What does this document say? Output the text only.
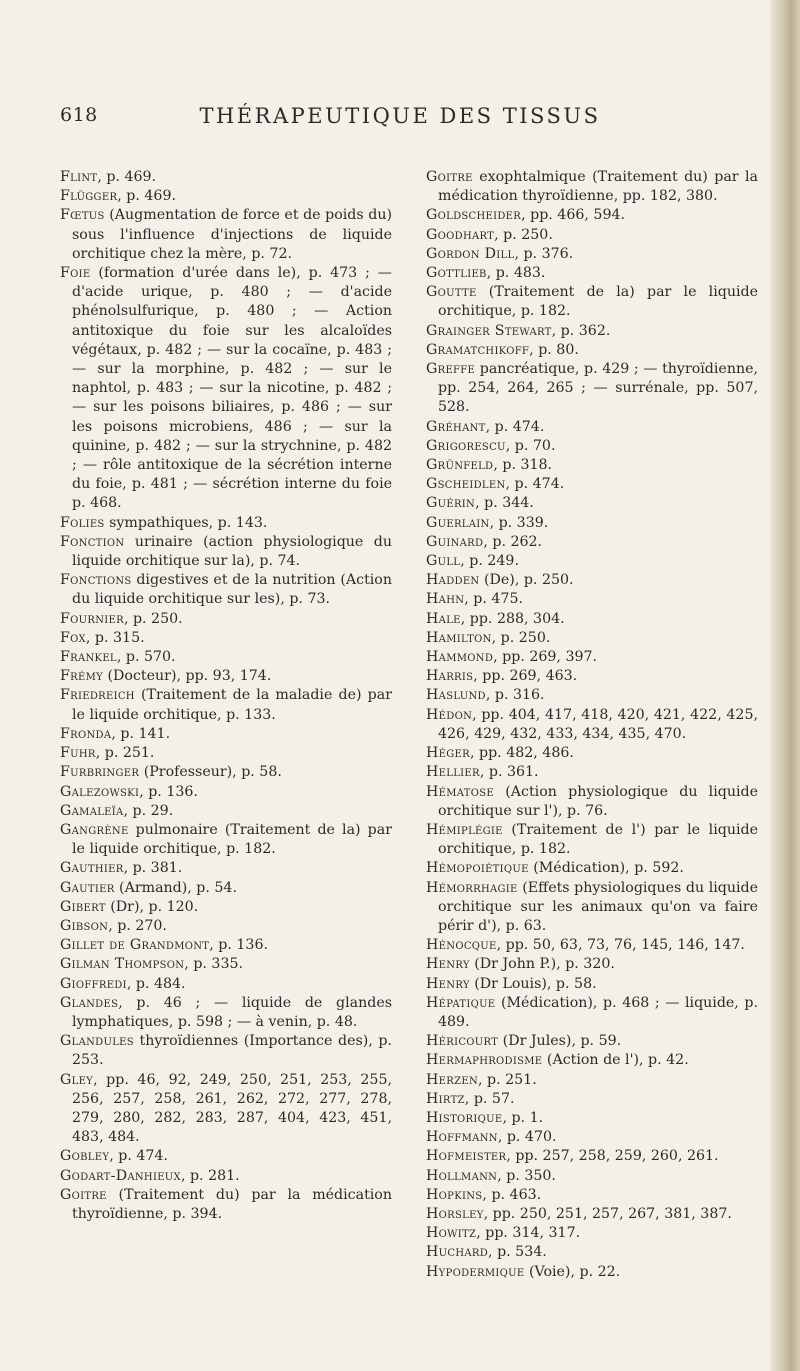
618	THÉRAPEUTIQUE DES TISSUS

Flint, p. 469.

Flügger, p. 469.

Fœtus (Augmentation de force et de poids du) sous l'influence d'injections de liquide orchitique chez la mère, p. 72.

Foie (formation d'urée dans le), p. 473 ; — d'acide urique, p. 480 ; — d'acide phénolsulfurique, p. 480 ; — Action antitoxique du foie sur les alcaloïdes végétaux, p. 482 ; — sur la cocaïne, p. 483 ; — sur la morphine, p. 482 ; — sur le naphtol, p. 483 ; — sur la nicotine, p. 482 ; — sur les poisons biliaires, p. 486 ; — sur les poisons microbiens, 486 ; — sur la quinine, p. 482 ; — sur la strychnine, p. 482 ; — rôle antitoxique de la sécrétion interne du foie, p. 481 ; — sécrétion interne du foie p. 468.

Folies sympathiques, p. 143.

Fonction urinaire (action physiologique du liquide orchitique sur la), p. 74.

Fonctions digestives et de la nutrition (Action du liquide orchitique sur les), p. 73.

Fournier, p. 250.

Fox, p. 315.

Frankel, p. 570.

Frémy (Docteur), pp. 93, 174.

Friedreich (Traitement de la maladie de) par le liquide orchitique, p. 133.

Fronda, p. 141.

Fuhr, p. 251.

Furbringer (Professeur), p. 58.

Galezowski, p. 136.

Gamaleïa, p. 29.

Gangrène pulmonaire (Traitement de la) par le liquide orchitique, p. 182.

Gauthier, p. 381.

Gautier (Armand), p. 54.

Gibert (Dr), p. 120.

Gibson, p. 270.

Gillet de Grandmont, p. 136.

Gilman Thompson, p. 335.

Gioffredi, p. 484.

Glandes, p. 46 ; — liquide de glandes lymphatiques, p. 598 ; — à venin, p. 48.

Glandules thyroïdiennes (Importance des), p. 253.

Gley, pp. 46, 92, 249, 250, 251, 253, 255, 256, 257, 258, 261, 262, 272, 277, 278, 279, 280, 282, 283, 287, 404, 423, 451, 483, 484.

Gobley, p. 474.

Godart-Danhieux, p. 281.

Goitre (Traitement du) par la médication thyroïdienne, p. 394.

Goitre exophtalmique (Traitement du) par la médication thyroïdienne, pp. 182, 380.

Goldscheider, pp. 466, 594.

Goodhart, p. 250.

Gordon Dill, p. 376.

Gottlieb, p. 483.

Goutte (Traitement de la) par le liquide orchitique, p. 182.

Grainger Stewart, p. 362.

Gramatchikoff, p. 80.

Greffe pancréatique, p. 429 ; — thyroïdienne, pp. 254, 264, 265 ; — surrénale, pp. 507, 528.

Gréhant, p. 474.

Grigorescu, p. 70.

Grünfeld, p. 318.

Gscheidlen, p. 474.

Guérin, p. 344.

Guerlain, p. 339.

Guinard, p. 262.

Gull, p. 249.

Hadden (De), p. 250.

Hahn, p. 475.

Hale, pp. 288, 304.

Hamilton, p. 250.

Hammond, pp. 269, 397.

Harris, pp. 269, 463.

Haslund, p. 316.

Hédon, pp. 404, 417, 418, 420, 421, 422, 425, 426, 429, 432, 433, 434, 435, 470.

Héger, pp. 482, 486.

Hellier, p. 361.

Hématose (Action physiologique du liquide orchitique sur l'), p. 76.

Hémiplégie (Traitement de l') par le liquide orchitique, p. 182.

Hémopoiétique (Médication), p. 592.

Hémorrhagie (Effets physiologiques du liquide orchitique sur les animaux qu'on va faire périr d'), p. 63.

Hénocque, pp. 50, 63, 73, 76, 145, 146, 147.

Henry (Dr John P.), p. 320.

Henry (Dr Louis), p. 58.

Hépatique (Médication), p. 468 ; — liquide, p. 489.

Héricourt (Dr Jules), p. 59.

Hermaphrodisme (Action de l'), p. 42.

Herzen, p. 251.

Hirtz, p. 57.

Historique, p. 1.

Hoffmann, p. 470.

Hofmeister, pp. 257, 258, 259, 260, 261.

Hollmann, p. 350.

Hopkins, p. 463.

Horsley, pp. 250, 251, 257, 267, 381, 387.

Howitz, pp. 314, 317.

Huchard, p. 534.

Hypodermique (Voie), p. 22.
